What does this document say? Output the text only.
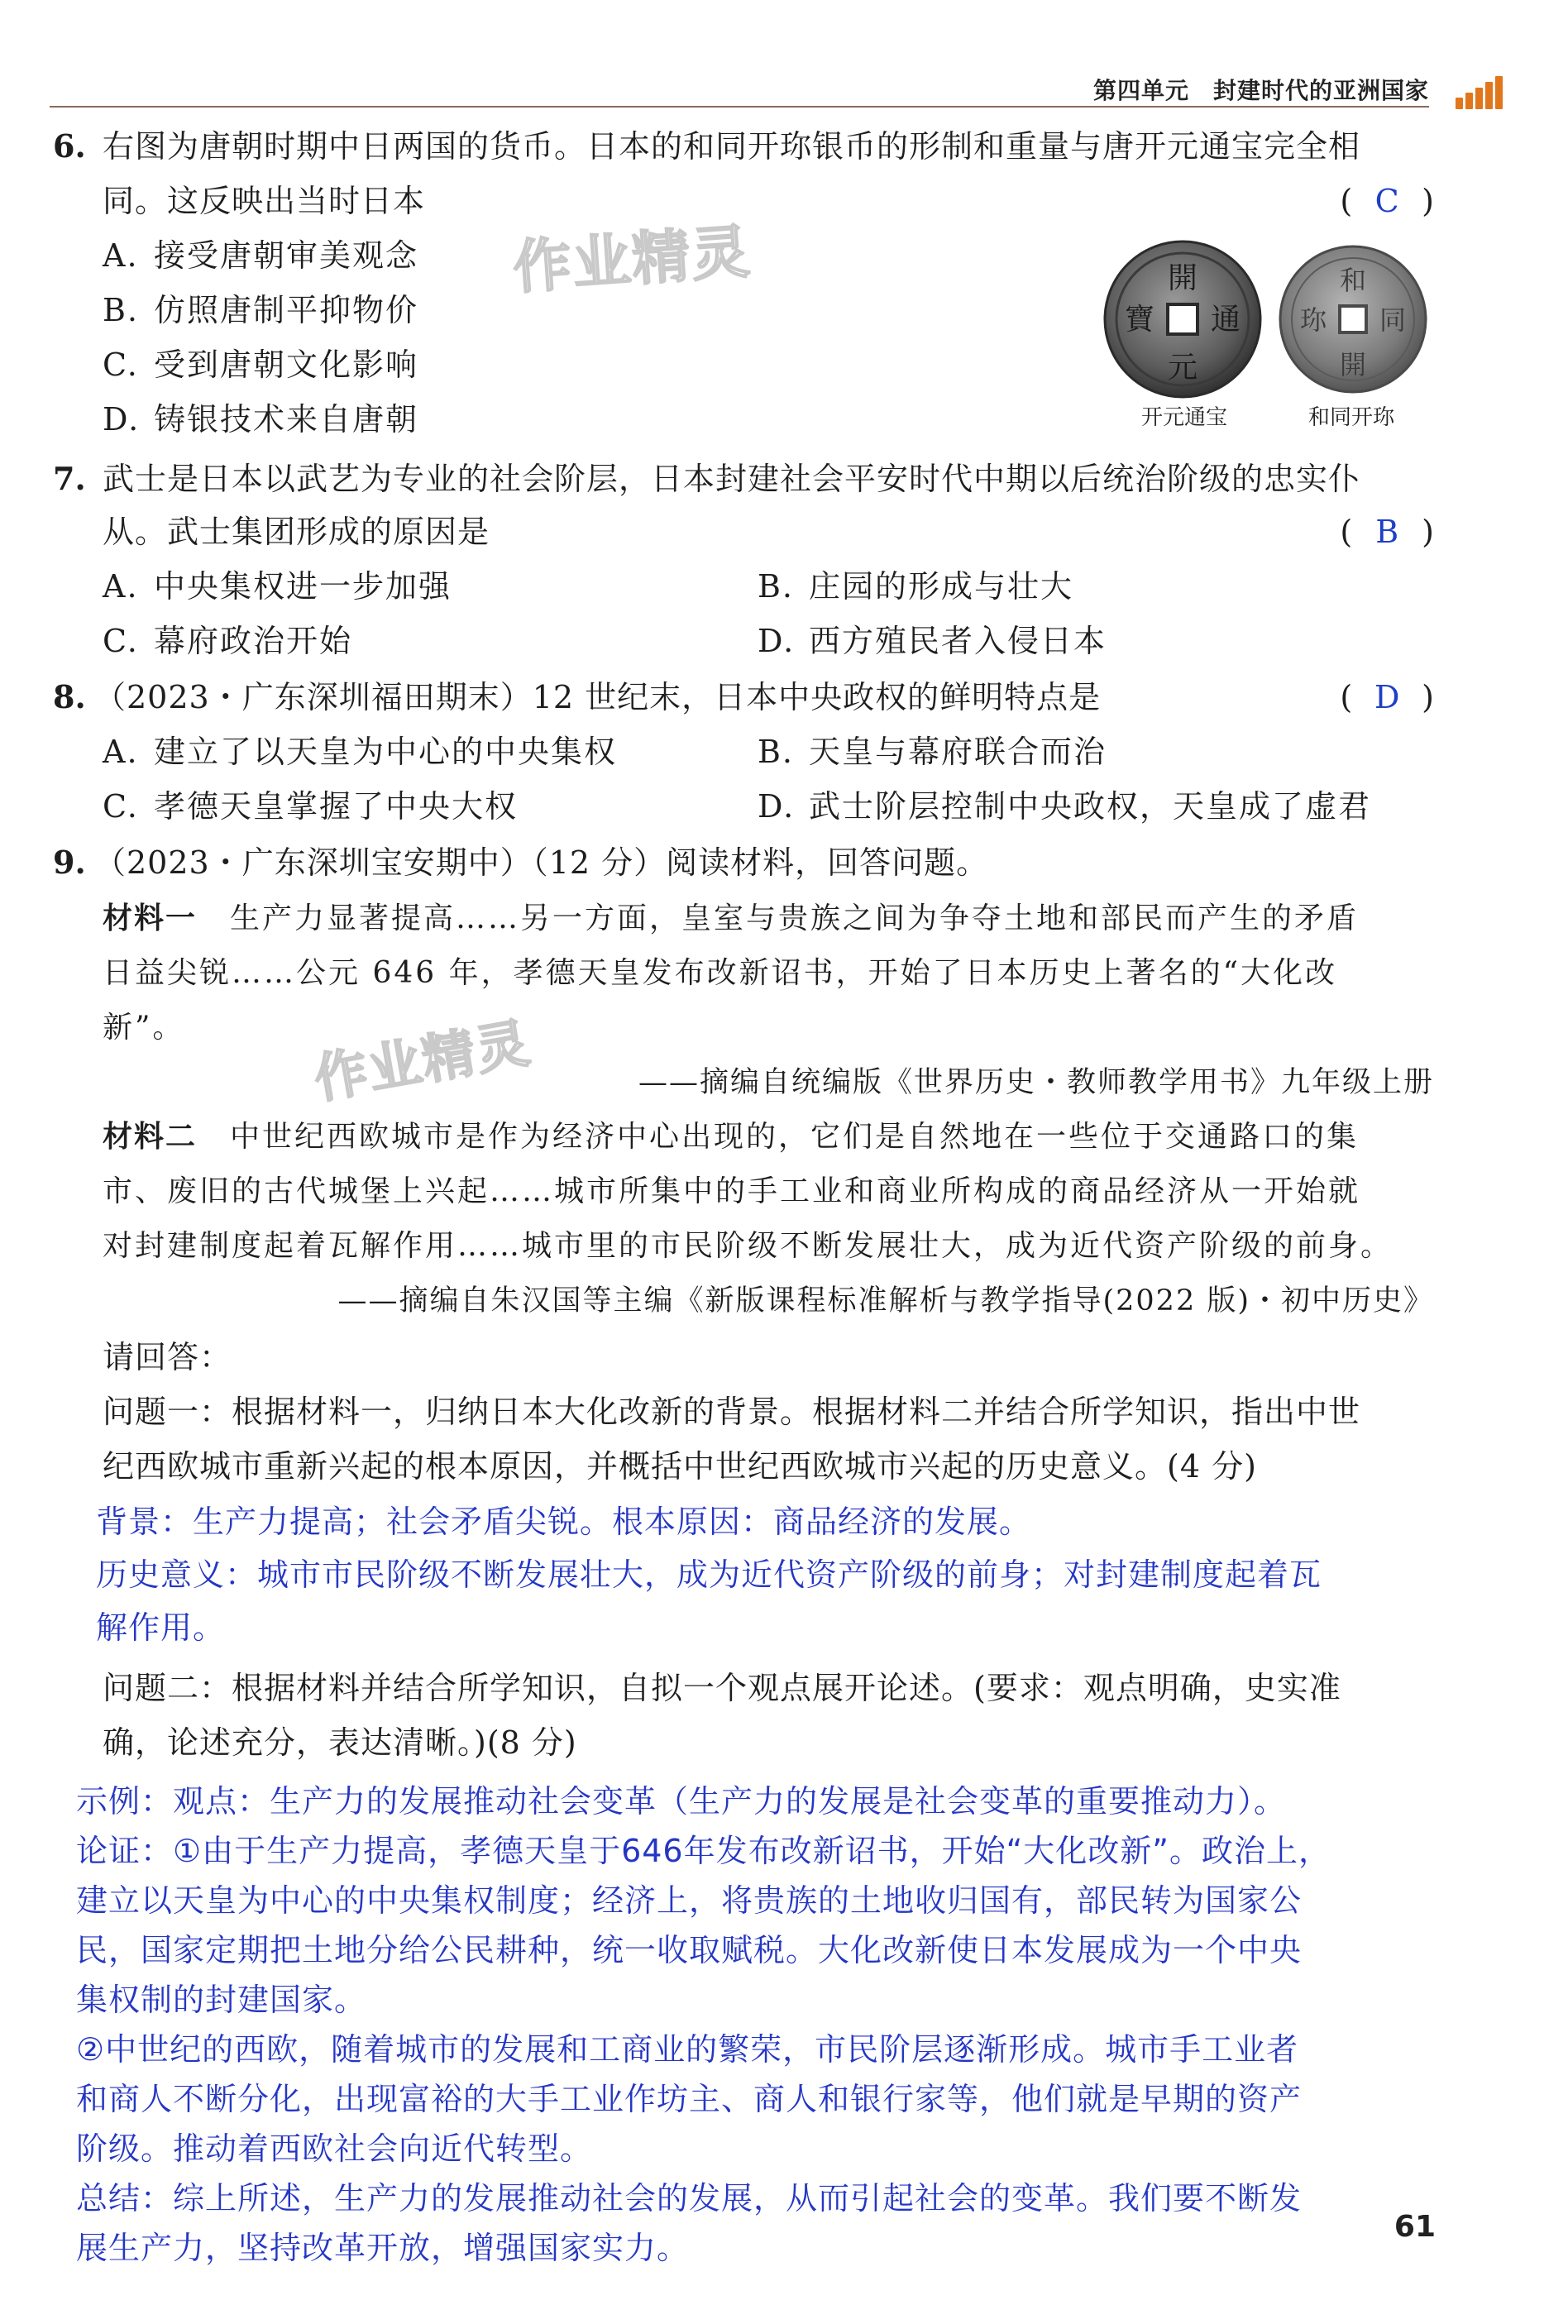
第四单元　封建时代的亚洲国家
作业精灵
作业精灵
6. 右图为唐朝时期中日两国的货币。日本的和同开珎银币的形制和重量与唐开元通宝完全相
同。这反映出当时日本	( C )
A. 接受唐朝审美观念
B. 仿照唐制平抑物价
C. 受到唐朝文化影响
D. 铸银技术来自唐朝
開
元
通
寶
和
同
開
珎
开元通宝	和同开珎
7. 武士是日本以武艺为专业的社会阶层，日本封建社会平安时代中期以后统治阶级的忠实仆
从。武士集团形成的原因是	( B )
A. 中央集权进一步加强	B. 庄园的形成与壮大
C. 幕府政治开始	D. 西方殖民者入侵日本
8. （2023・广东深圳福田期末）12 世纪末，日本中央政权的鲜明特点是	( D )
A. 建立了以天皇为中心的中央集权	B. 天皇与幕府联合而治
C. 孝德天皇掌握了中央大权	D. 武士阶层控制中央政权，天皇成了虚君
9. （2023・广东深圳宝安期中）（12 分）阅读材料，回答问题。
材料一 生产力显著提高……另一方面，皇室与贵族之间为争夺土地和部民而产生的矛盾
日益尖锐……公元 646 年，孝德天皇发布改新诏书，开始了日本历史上著名的“大化改
新”。
——摘编自统编版《世界历史・教师教学用书》九年级上册
材料二 中世纪西欧城市是作为经济中心出现的，它们是自然地在一些位于交通路口的集
市、废旧的古代城堡上兴起……城市所集中的手工业和商业所构成的商品经济从一开始就
对封建制度起着瓦解作用……城市里的市民阶级不断发展壮大，成为近代资产阶级的前身。
——摘编自朱汉国等主编《新版课程标准解析与教学指导(2022 版)・初中历史》
请回答：
问题一：根据材料一，归纳日本大化改新的背景。根据材料二并结合所学知识，指出中世
纪西欧城市重新兴起的根本原因，并概括中世纪西欧城市兴起的历史意义。(4 分)
背景：生产力提高；社会矛盾尖锐。根本原因：商品经济的发展。
历史意义：城市市民阶级不断发展壮大，成为近代资产阶级的前身；对封建制度起着瓦
解作用。
问题二：根据材料并结合所学知识，自拟一个观点展开论述。(要求：观点明确，史实准
确，论述充分，表达清晰。)(8 分)
示例：观点：生产力的发展推动社会变革（生产力的发展是社会变革的重要推动力）。
论证：①由于生产力提高，孝德天皇于646年发布改新诏书，开始“大化改新”。政治上，
建立以天皇为中心的中央集权制度；经济上，将贵族的土地收归国有，部民转为国家公
民，国家定期把土地分给公民耕种，统一收取赋税。大化改新使日本发展成为一个中央
集权制的封建国家。
②中世纪的西欧，随着城市的发展和工商业的繁荣，市民阶层逐渐形成。城市手工业者
和商人不断分化，出现富裕的大手工业作坊主、商人和银行家等，他们就是早期的资产
阶级。推动着西欧社会向近代转型。
总结：综上所述，生产力的发展推动社会的发展，从而引起社会的变革。我们要不断发
展生产力，坚持改革开放，增强国家实力。
61
